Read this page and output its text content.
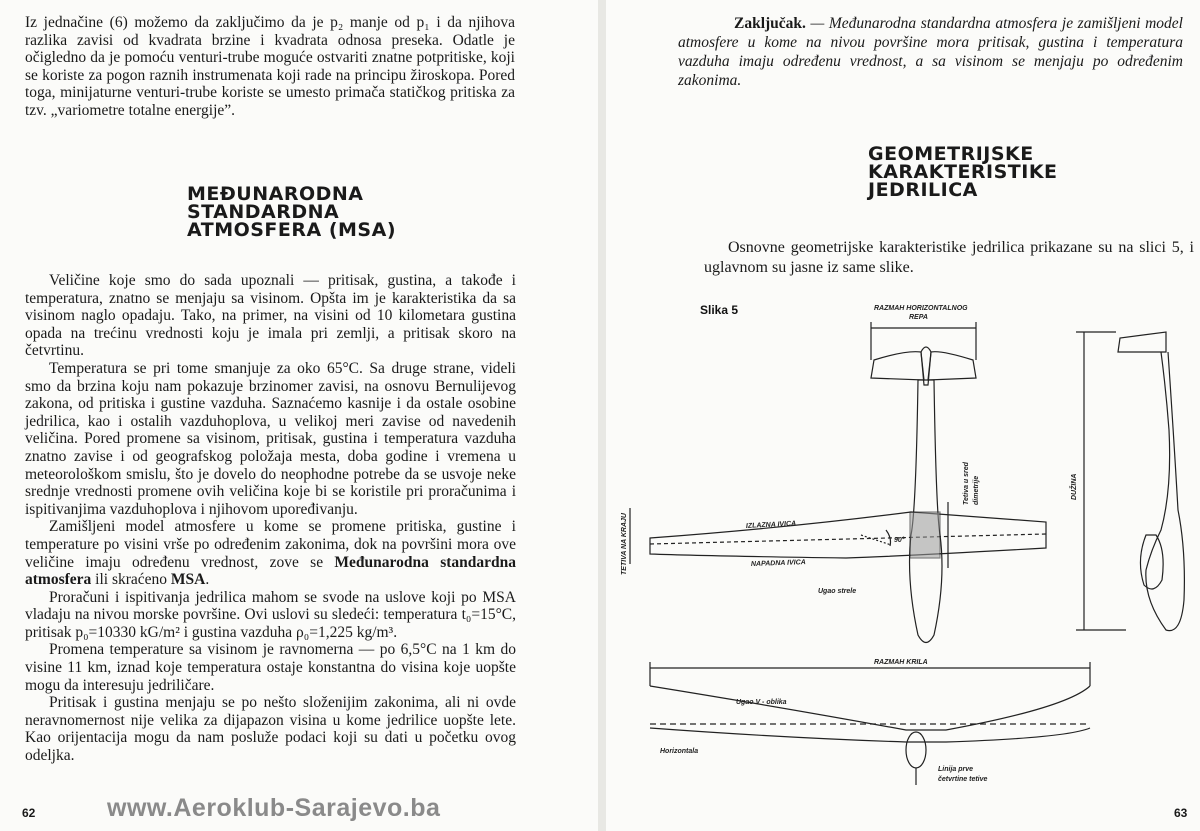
Iz jednačine (6) možemo da zaključimo da je p₂ manje od p₁ i da njihova razlika zavisi od kvadrata brzine i kvadrata odnosa preseka. Odatle je očigledno da je pomoću venturi-trube moguće ostvariti znatne potpritiske, koji se koriste za pogon raznih instrumenata koji rade na principu žiroskopa. Pored toga, minijaturne venturi-trube koriste se umesto primača statičkog pritiska za tzv. „variometre totalne energije”.

MEĐUNARODNA
STANDARDNA
ATMOSFERA (MSA)

Veličine koje smo do sada upoznali — pritisak, gustina, a takođe i temperatura, znatno se menjaju sa visinom. Opšta im je karakteristika da sa visinom naglo opadaju. Tako, na primer, na visini od 10 kilometara gustina opada na trećinu vrednosti koju je imala pri zemlji, a pritisak skoro na četvrtinu.

Temperatura se pri tome smanjuje za oko 65°C. Sa druge strane, videli smo da brzina koju nam pokazuje brzinomer zavisi, na osnovu Bernulijevog zakona, od pritiska i gustine vazduha. Saznaćemo kasnije i da ostale osobine jedrilica, kao i ostalih vazduhoplova, u velikoj meri zavise od navedenih veličina. Pored promene sa visinom, pritisak, gustina i temperatura vazduha znatno zavise i od geografskog položaja mesta, doba godine i vremena u meteorološkom smislu, što je dovelo do neophodne potrebe da se usvoje neke srednje vrednosti promene ovih veličina koje bi se koristile pri proračunima i ispitivanjima vazduhoplova i njihovom upoređivanju.

Zamišljeni model atmosfere u kome se promene pritiska, gustine i temperature po visini vrše po određenim zakonima, dok na površini mora ove veličine imaju određenu vrednost, zove se Međunarodna standardna atmosfera ili skraćeno MSA.

Proračuni i ispitivanja jedrilica mahom se svode na uslove koji po MSA vladaju na nivou morske površine. Ovi uslovi su sledeći: temperatura t₀=15°C, pritisak p₀=10330 kG/m² i gustina vazduha ρ₀=1,225 kg/m³.

Promena temperature sa visinom je ravnomerna — po 6,5°C na 1 km do visine 11 km, iznad koje temperatura ostaje konstantna do visina koje uopšte mogu da interesuju jedriličare.

Pritisak i gustina menjaju se po nešto složenijim zakonima, ali ni ovde neravnomernost nije velika za dijapazon visina u kome jedrilice uopšte lete. Kao orijentacija mogu da nam posluže podaci koji su dati u početku ovog odeljka.

62
Zaključak. — Međunarodna standardna atmosfera je zamišljeni model atmosfere u kome na nivou površine mora pritisak, gustina i temperatura vazduha imaju određenu vrednost, a sa visinom se menjaju po određenim zakonima.
GEOMETRIJSKE
KARAKTERISTIKE
JEDRILICA

Osnovne geometrijske karakteristike jedrilica prikazane su na slici 5, i uglavnom su jasne iz same slike.

Slika 5	RAZMAH HORIZONTALNOG
REPA
IZLAZNA IVICA
NAPADNA IVICA
TETIVA NA KRAJU
Tetiva u sred dimetrije
90°
Ugao strele
DUŽINA
RAZMAH KRILA
Ugao V - oblika
Horizontala
Linija prve
četvrtine tetive
63
www.Aeroklub-Sarajevo.ba
